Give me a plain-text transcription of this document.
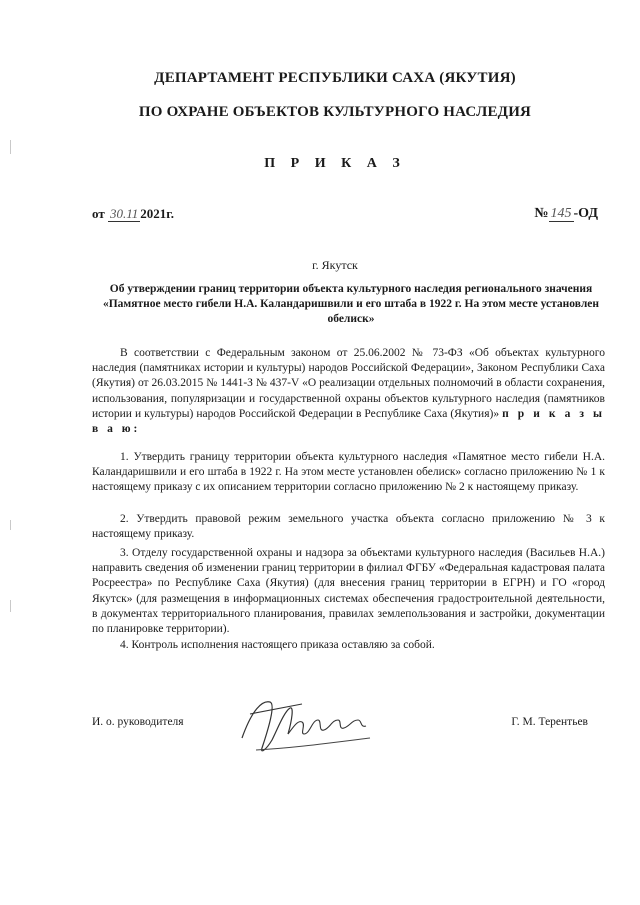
ДЕПАРТАМЕНТ РЕСПУБЛИКИ САХА (ЯКУТИЯ)
ПО ОХРАНЕ ОБЪЕКТОВ КУЛЬТУРНОГО НАСЛЕДИЯ
П Р И К А З
от 30.11 2021г.	№ 145 -ОД
г. Якутск
Об утверждении границ территории объекта культурного наследия регионального значения «Памятное место гибели Н.А. Каландаришвили и его штаба в 1922 г. На этом месте установлен обелиск»

В соответствии с Федеральным законом от 25.06.2002 № 73-ФЗ «Об объектах культурного наследия (памятниках истории и культуры) народов Российской Федерации», Законом Республики Саха (Якутия) от 26.03.2015 № 1441-З № 437-V «О реализации отдельных полномочий в области сохранения, использования, популяризации и государственной охраны объектов культурного наследия (памятников истории и культуры) народов Российской Федерации в Республике Саха (Якутия)» п р и к а з ы в а ю:

1. Утвердить границу территории объекта культурного наследия «Памятное место гибели Н.А. Каландаришвили и его штаба в 1922 г. На этом месте установлен обелиск» согласно приложению № 1 к настоящему приказу с их описанием территории согласно приложению № 2 к настоящему приказу.

2. Утвердить правовой режим земельного участка объекта согласно приложению № 3 к настоящему приказу.

3. Отделу государственной охраны и надзора за объектами культурного наследия (Васильев Н.А.) направить сведения об изменении границ территории в филиал ФГБУ «Федеральная кадастровая палата Росреестра» по Республике Саха (Якутия) (для внесения границ территории в ЕГРН) и ГО «город Якутск» (для размещения в информационных системах обеспечения градостроительной деятельности, в документах территориального планирования, правилах землепользования и застройки, документации по планировке территории).

4. Контроль исполнения настоящего приказа оставляю за собой.

И. о. руководителя	Г. М. Терентьев
